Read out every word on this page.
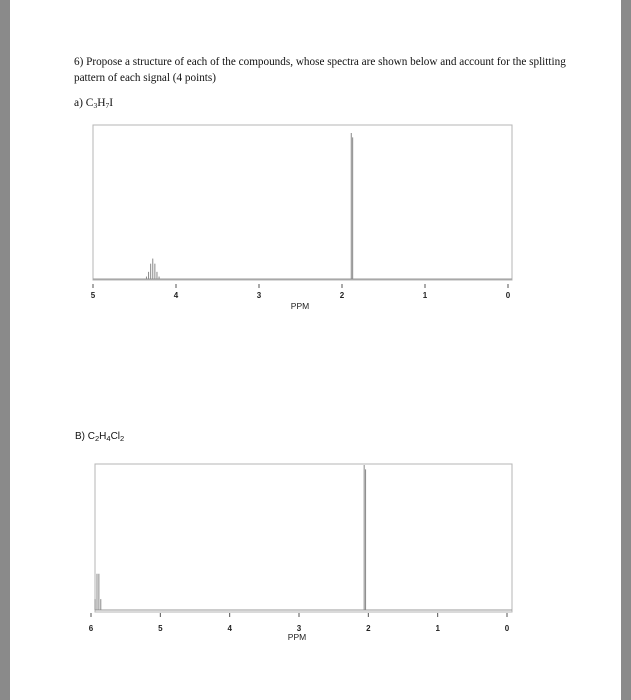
6) Propose a structure of each of the compounds, whose spectra are shown below and account for the splitting pattern of each signal (4 points)
a) $C_3H_7I$
B) $C_2H_4Cl_2$
5	4	3	2	1	0
PPM
6	5	4	3	2	1	0
PPM
